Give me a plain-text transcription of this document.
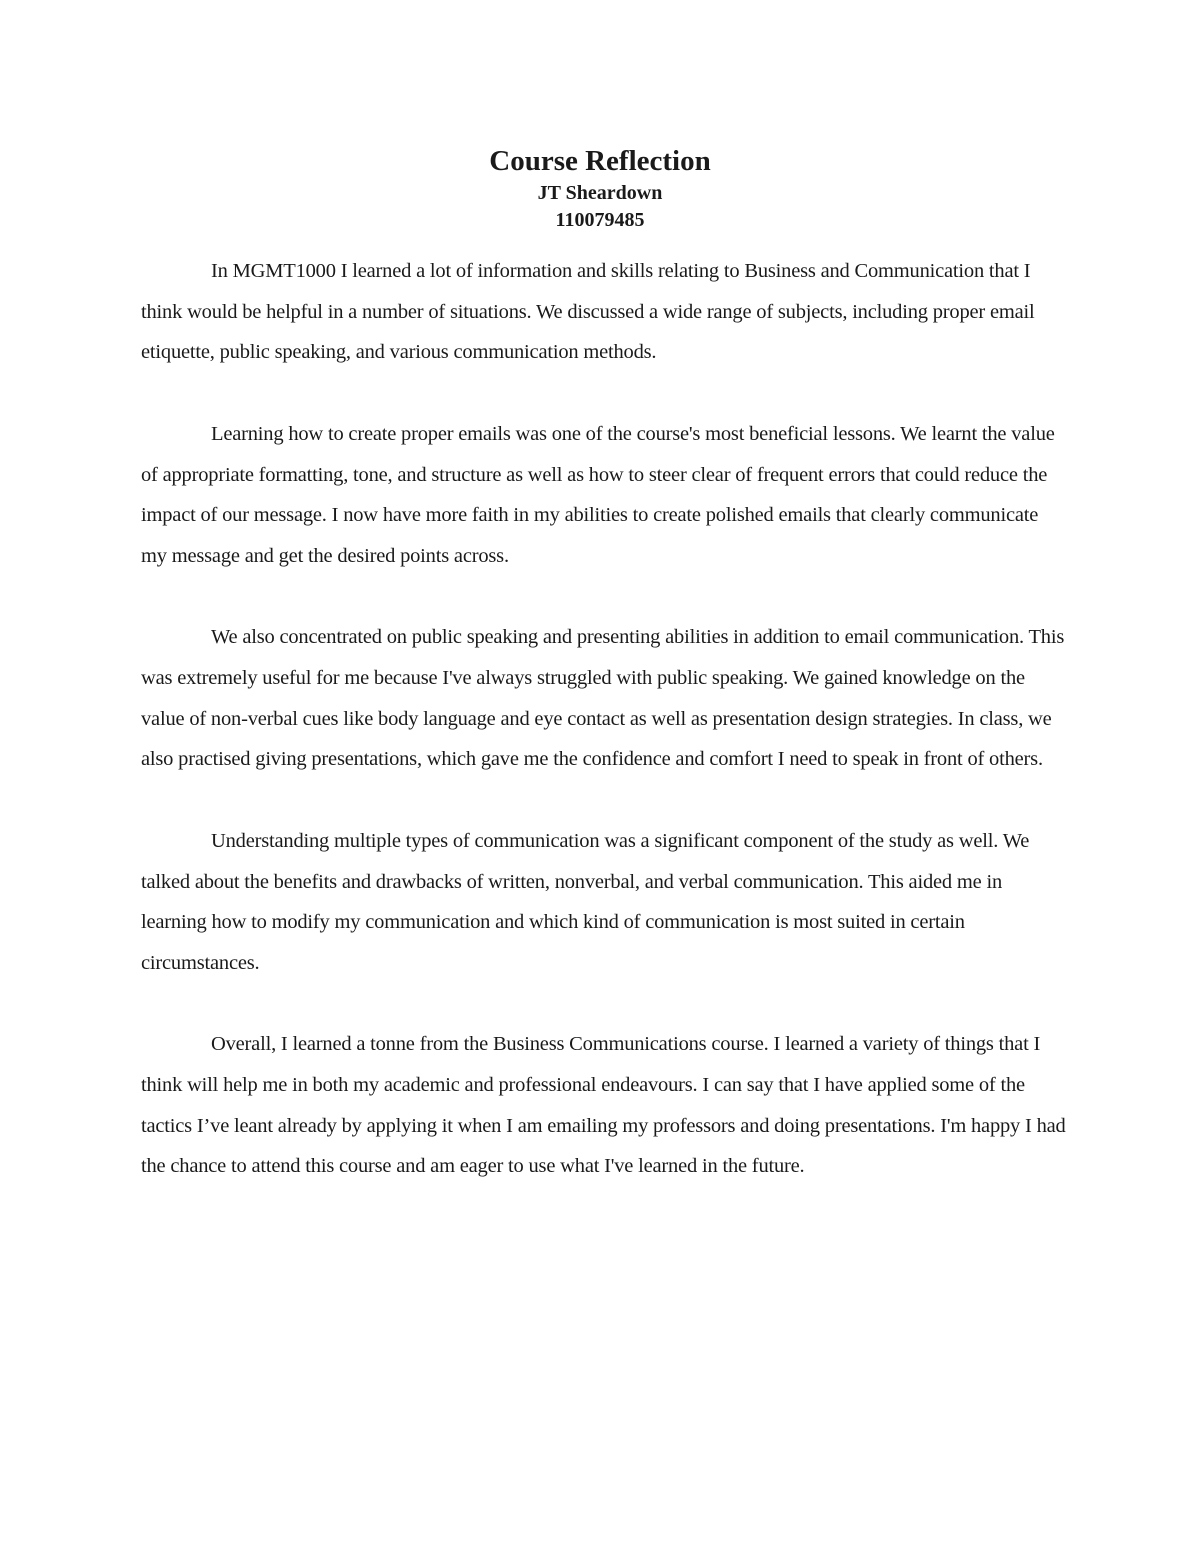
Course Reflection
JT Sheardown
110079485

In MGMT1000 I learned a lot of information and skills relating to Business and Communication that I think would be helpful in a number of situations. We discussed a wide range of subjects, including proper email etiquette, public speaking, and various communication methods.

Learning how to create proper emails was one of the course's most beneficial lessons. We learnt the value of appropriate formatting, tone, and structure as well as how to steer clear of frequent errors that could reduce the impact of our message. I now have more faith in my abilities to create polished emails that clearly communicate my message and get the desired points across.

We also concentrated on public speaking and presenting abilities in addition to email communication. This was extremely useful for me because I've always struggled with public speaking. We gained knowledge on the value of non-verbal cues like body language and eye contact as well as presentation design strategies. In class, we also practised giving presentations, which gave me the confidence and comfort I need to speak in front of others.

Understanding multiple types of communication was a significant component of the study as well. We talked about the benefits and drawbacks of written, nonverbal, and verbal communication. This aided me in learning how to modify my communication and which kind of communication is most suited in certain circumstances.

Overall, I learned a tonne from the Business Communications course. I learned a variety of things that I think will help me in both my academic and professional endeavours. I can say that I have applied some of the tactics I’ve leant already by applying it when I am emailing my professors and doing presentations. I'm happy I had the chance to attend this course and am eager to use what I've learned in the future.
